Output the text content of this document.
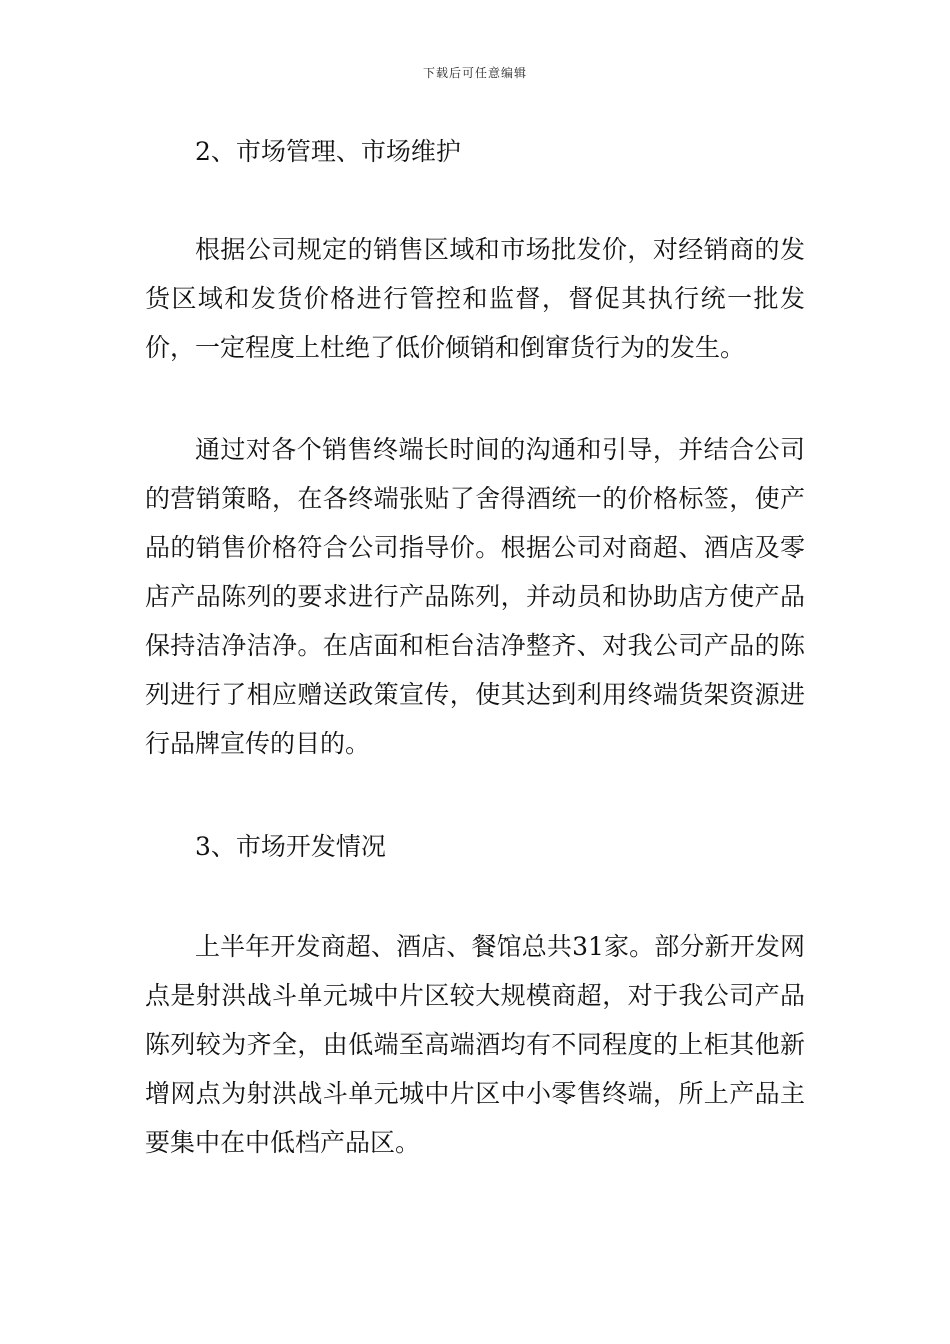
下载后可任意编辑

2、市场管理、市场维护

根据公司规定的销售区域和市场批发价，对经销商的发货区域和发货价格进行管控和监督，督促其执行统一批发价，一定程度上杜绝了低价倾销和倒窜货行为的发生。

通过对各个销售终端长时间的沟通和引导，并结合公司的营销策略，在各终端张贴了舍得酒统一的价格标签，使产品的销售价格符合公司指导价。根据公司对商超、酒店及零店产品陈列的要求进行产品陈列，并动员和协助店方使产品保持洁净洁净。在店面和柜台洁净整齐、对我公司产品的陈列进行了相应赠送政策宣传，使其达到利用终端货架资源进行品牌宣传的目的。

3、市场开发情况

上半年开发商超、酒店、餐馆总共31家。部分新开发网点是射洪战斗单元城中片区较大规模商超，对于我公司产品陈列较为齐全，由低端至高端酒均有不同程度的上柜其他新增网点为射洪战斗单元城中片区中小零售终端，所上产品主要集中在中低档产品区。
